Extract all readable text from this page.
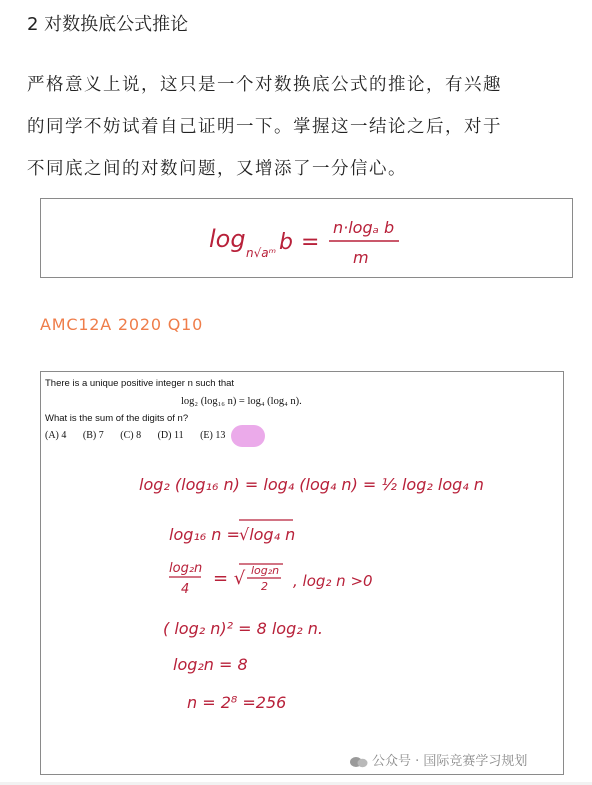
2 对数换底公式推论
严格意义上说，这只是一个对数换底公式的推论，有兴趣
的同学不妨试着自己证明一下。掌握这一结论之后，对于
不同底之间的对数问题，又增添了一分信心。
log n√aᵐ b =
n·logₐ b
m
AMC12A 2020 Q10
There is a unique positive integer n such that
log₂ (log₁₆ n) = log₄ (log₄ n).
What is the sum of the digits of n?
(A) 4 (B) 7 (C) 8 (D) 11 (E) 13
log₂ (log₁₆ n) = log₄ (log₄ n) = ½ log₂ log₄ n
log₁₆ n = √log₄ n
log₂n
4
= √ log₂n
2 , log₂ n >0
( log₂ n)² = 8 log₂ n.
log₂n = 8
n = 2⁸ =256
公众号 · 国际竞赛学习规划
